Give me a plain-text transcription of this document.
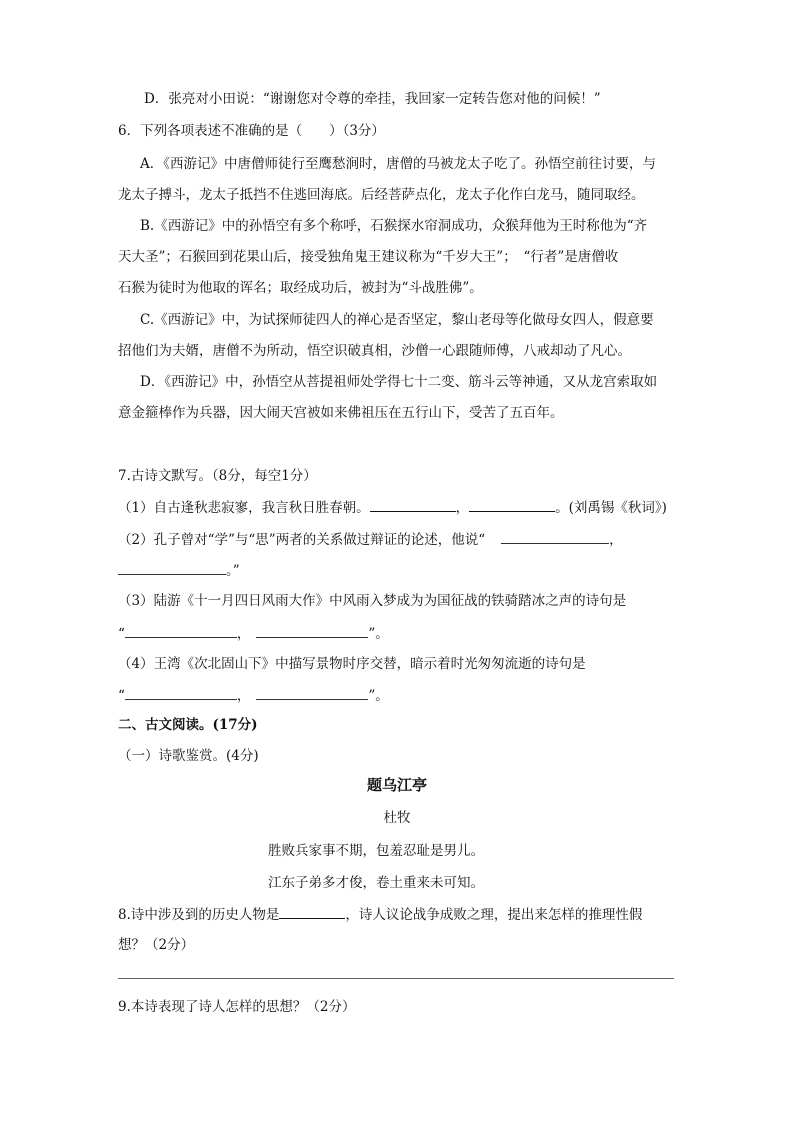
D．张亮对小田说：“谢谢您对令尊的牵挂，我回家一定转告您对他的问候！”
6．下列各项表述不准确的是（　　）（3分）
A．《西游记》中唐僧师徒行至鹰愁涧时，唐僧的马被龙太子吃了。孙悟空前往讨要，与
龙太子搏斗，龙太子抵挡不住逃回海底。后经菩萨点化，龙太子化作白龙马，随同取经。
B.《西游记》中的孙悟空有多个称呼，石猴探水帘洞成功，众猴拜他为王时称他为“齐
天大圣”；石猴回到花果山后，接受独角鬼王建议称为“千岁大王”；　“行者”是唐僧收
石猴为徒时为他取的诨名；取经成功后，被封为“斗战胜佛”。
C.《西游记》中，为试探师徒四人的禅心是否坚定，黎山老母等化做母女四人，假意要
招他们为夫婿，唐僧不为所动，悟空识破真相，沙僧一心跟随师傅，八戒却动了凡心。
D．《西游记》中，孙悟空从菩提祖师处学得七十二变、筋斗云等神通，又从龙宫索取如
意金箍棒作为兵器，因大闹天宫被如来佛祖压在五行山下，受苦了五百年。
7.古诗文默写。（8分，每空1分）
（1）自古逢秋悲寂寥，我言秋日胜春朝。	，	。(刘禹锡《秋词》)
（2）孔子曾对“学”与“思”两者的关系做过辩证的论述，他说“	，
。”
（3）陆游《十一月四日风雨大作》中风雨入梦成为为国征战的铁骑踏冰之声的诗句是
“	，	”。
（4）王湾《次北固山下》中描写景物时序交替，暗示着时光匆匆流逝的诗句是
“	，	”。
二、古文阅读。(17分)
（一）诗歌鉴赏。(4分)
题乌江亭
杜牧
胜败兵家事不期，包羞忍耻是男儿。
江东子弟多才俊，卷土重来未可知。
8.诗中涉及到的历史人物是	，诗人议论战争成败之理，提出来怎样的推理性假
想？（2分）
9.本诗表现了诗人怎样的思想？（2分）
